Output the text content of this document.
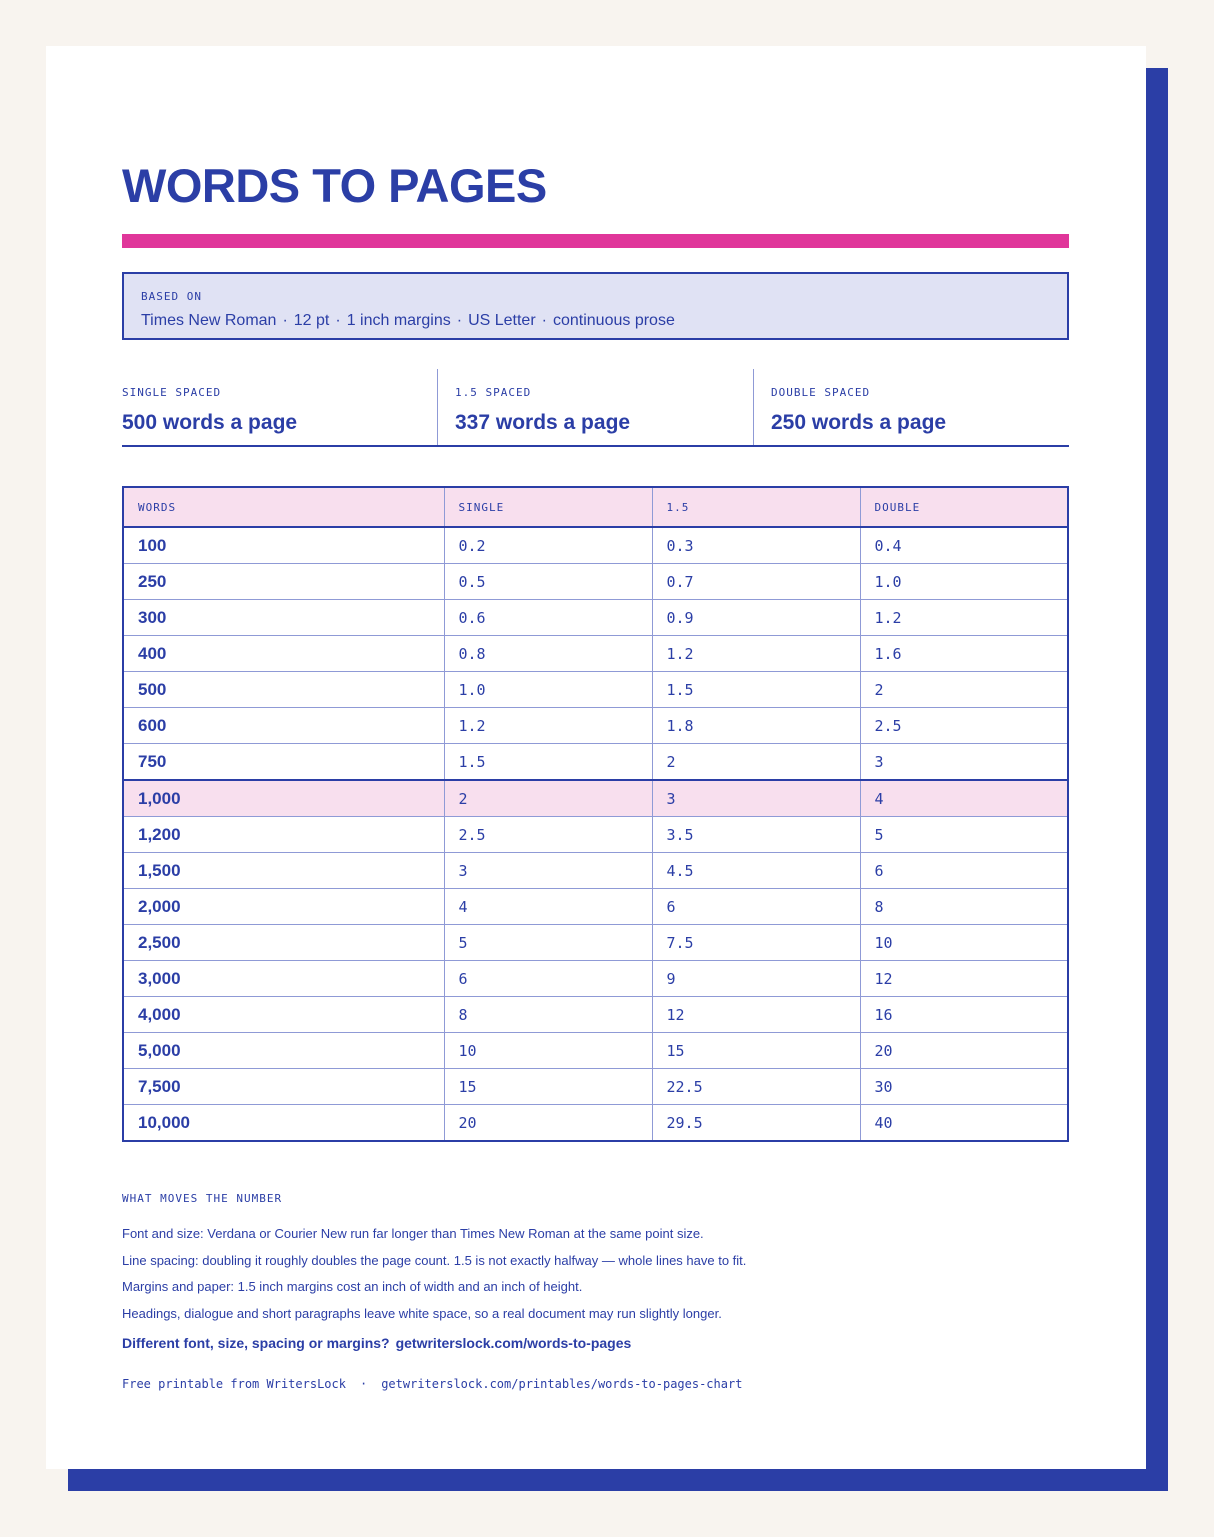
WORDS TO PAGES
BASED ON
Times New Roman · 12 pt · 1 inch margins · US Letter · continuous prose
SINGLE SPACED
500 words a page
1.5 SPACED
337 words a page
DOUBLE SPACED
250 words a page
WORDS	SINGLE	1.5	DOUBLE
100	0.2	0.3	0.4
250	0.5	0.7	1.0
300	0.6	0.9	1.2
400	0.8	1.2	1.6
500	1.0	1.5	2
600	1.2	1.8	2.5
750	1.5	2	3
1,000	2	3	4
1,200	2.5	3.5	5
1,500	3	4.5	6
2,000	4	6	8
2,500	5	7.5	10
3,000	6	9	12
4,000	8	12	16
5,000	10	15	20
7,500	15	22.5	30
10,000	20	29.5	40
WHAT MOVES THE NUMBER
Font and size: Verdana or Courier New run far longer than Times New Roman at the same point size.
Line spacing: doubling it roughly doubles the page count. 1.5 is not exactly halfway — whole lines have to fit.
Margins and paper: 1.5 inch margins cost an inch of width and an inch of height.
Headings, dialogue and short paragraphs leave white space, so a real document may run slightly longer.
Different font, size, spacing or margins? getwriterslock.com/words-to-pages
Free printable from WritersLock · getwriterslock.com/printables/words-to-pages-chart
